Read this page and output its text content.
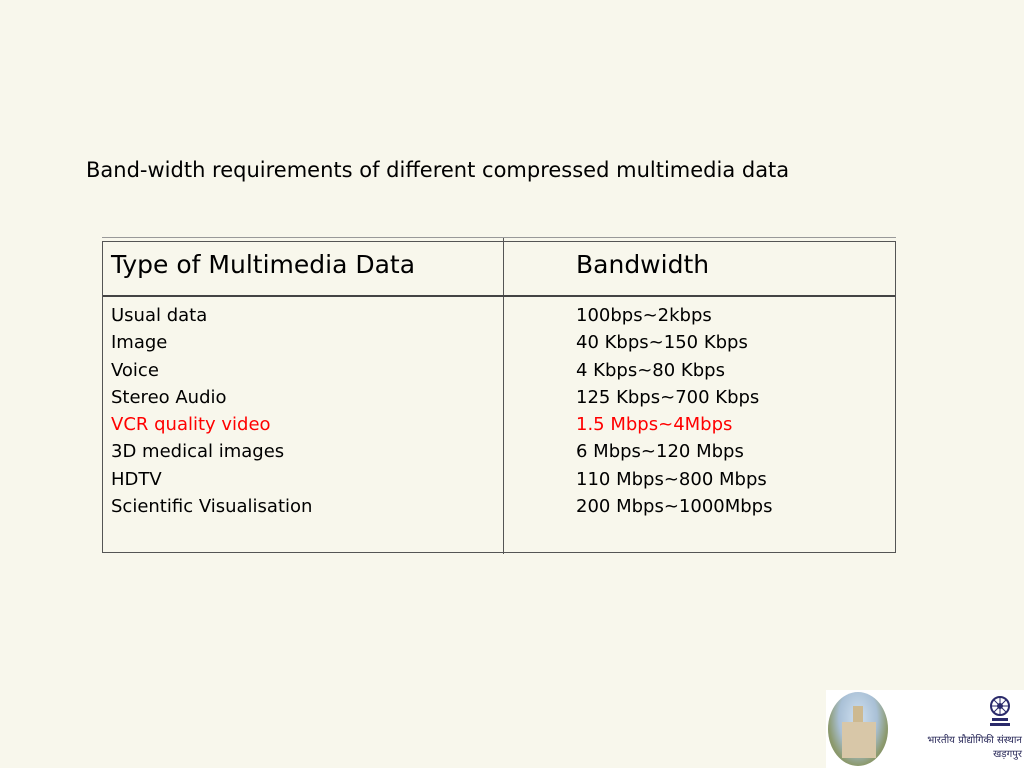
Band-width requirements of different compressed multimedia data
Type of Multimedia Data	Bandwidth
Usual data
Image
Voice
Stereo Audio
VCR quality video
3D medical images
HDTV
Scientific Visualisation
100bps~2kbps
40 Kbps~150 Kbps
4 Kbps~80 Kbps
125 Kbps~700 Kbps
1.5 Mbps~4Mbps
6 Mbps~120 Mbps
110 Mbps~800 Mbps
200 Mbps~1000Mbps
भारतीय प्रौद्योगिकी संस्थान
खड़गपुर
